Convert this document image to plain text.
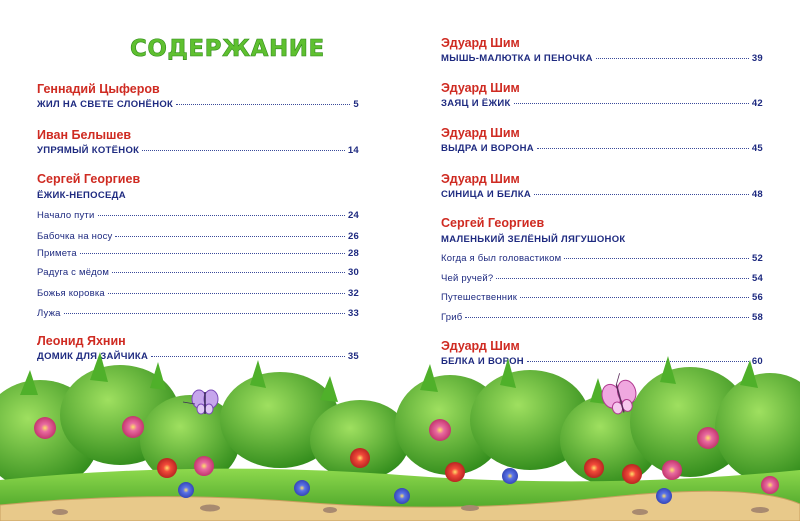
СОДЕРЖАНИЕ
Геннадий Цыферов
ЖИЛ НА СВЕТЕ СЛОНЁНОК	5
Иван Белышев
УПРЯМЫЙ КОТЁНОК	14
Сергей Георгиев
ЁЖИК-НЕПОСЕДА
Начало пути	24
Бабочка на носу	26
Примета	28
Радуга с мёдом	30
Божья коровка	32
Лужа	33
Леонид Яхнин
ДОМИК ДЛЯ ЗАЙЧИКА	35
Эдуард Шим
МЫШЬ-МАЛЮТКА И ПЕНОЧКА	39
Эдуард Шим
ЗАЯЦ И ЁЖИК	42
Эдуард Шим
ВЫДРА И ВОРОНА	45
Эдуард Шим
СИНИЦА И БЕЛКА	48
Сергей Георгиев
МАЛЕНЬКИЙ ЗЕЛЁНЫЙ ЛЯГУШОНОК
Когда я был головастиком	52
Чей ручей?	54
Путешественник	56
Гриб	58
Эдуард Шим
БЕЛКА И ВОРОН	60
